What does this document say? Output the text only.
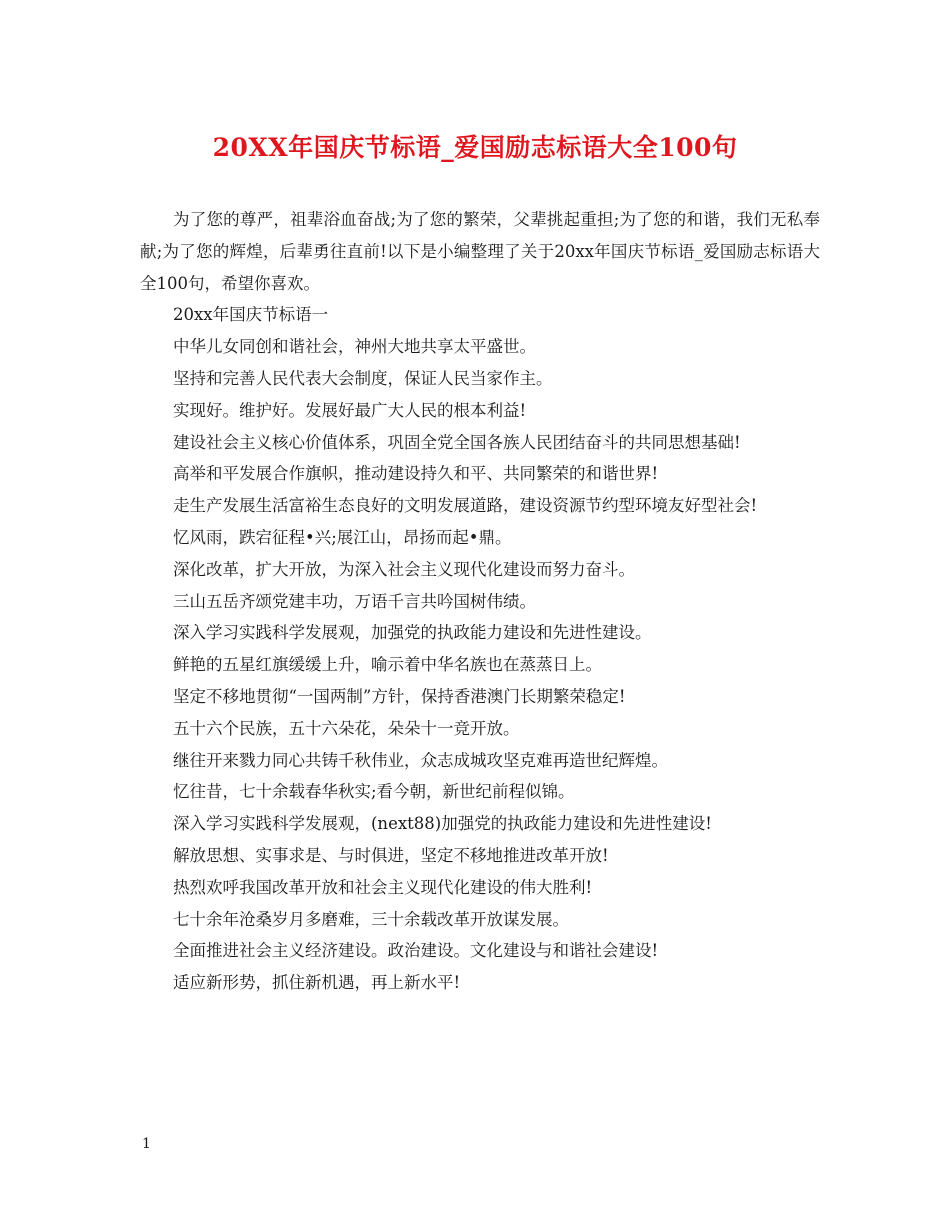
20XX年国庆节标语_爱国励志标语大全100句

为了您的尊严，祖辈浴血奋战;为了您的繁荣，父辈挑起重担;为了您的和谐，我们无私奉献;为了您的辉煌，后辈勇往直前!以下是小编整理了关于20xx年国庆节标语_爱国励志标语大全100句，希望你喜欢。

20xx年国庆节标语一

中华儿女同创和谐社会，神州大地共享太平盛世。

坚持和完善人民代表大会制度，保证人民当家作主。

实现好。维护好。发展好最广大人民的根本利益!

建设社会主义核心价值体系，巩固全党全国各族人民团结奋斗的共同思想基础!

高举和平发展合作旗帜，推动建设持久和平、共同繁荣的和谐世界!

走生产发展生活富裕生态良好的文明发展道路，建设资源节约型环境友好型社会!

忆风雨，跌宕征程•兴;展江山，昂扬而起•鼎。

深化改革，扩大开放，为深入社会主义现代化建设而努力奋斗。

三山五岳齐颂党建丰功，万语千言共吟国树伟绩。

深入学习实践科学发展观，加强党的执政能力建设和先进性建设。

鲜艳的五星红旗缓缓上升，喻示着中华名族也在蒸蒸日上。

坚定不移地贯彻“一国两制”方针，保持香港澳门长期繁荣稳定!

五十六个民族，五十六朵花，朵朵十一竞开放。

继往开来戮力同心共铸千秋伟业，众志成城攻坚克难再造世纪辉煌。

忆往昔，七十余载春华秋实;看今朝，新世纪前程似锦。

深入学习实践科学发展观，(next88)加强党的执政能力建设和先进性建设!

解放思想、实事求是、与时俱进，坚定不移地推进改革开放!

热烈欢呼我国改革开放和社会主义现代化建设的伟大胜利!

七十余年沧桑岁月多磨难，三十余载改革开放谋发展。

全面推进社会主义经济建设。政治建设。文化建设与和谐社会建设!

适应新形势，抓住新机遇，再上新水平!

1
